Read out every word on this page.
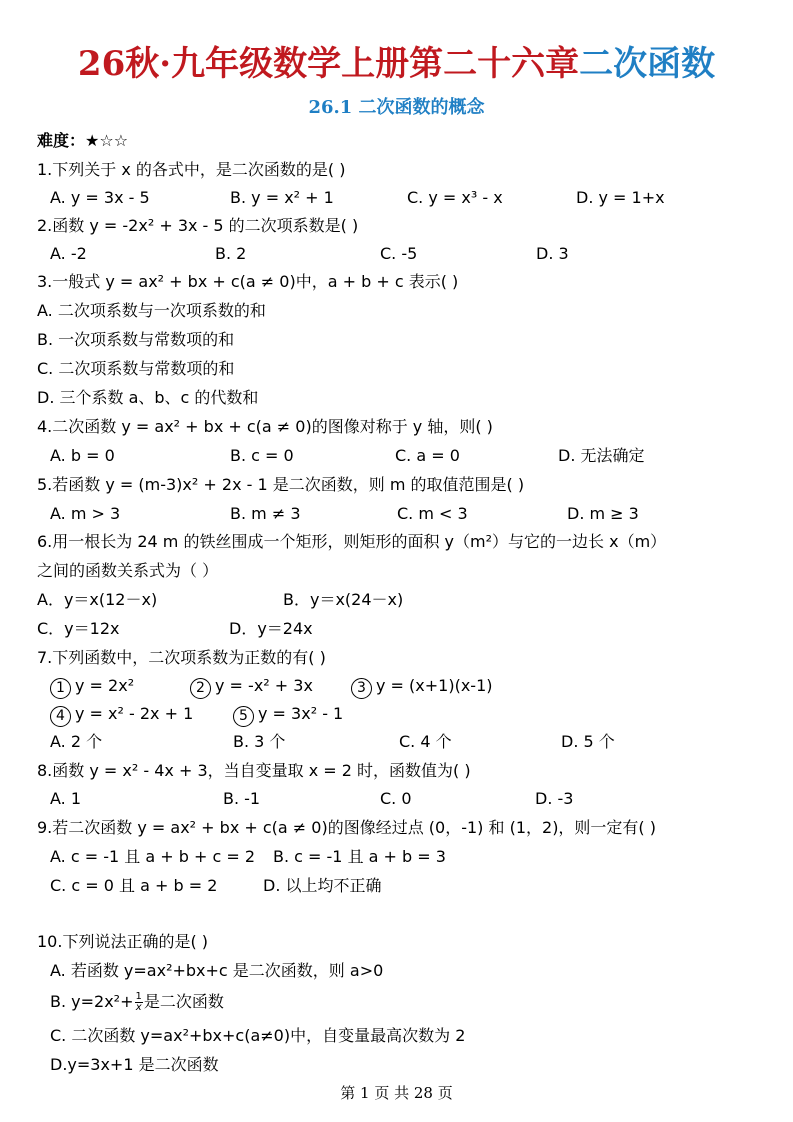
26秋·九年级数学上册第二十六章二次函数
26.1 二次函数的概念
难度：★☆☆
1.下列关于 x 的各式中，是二次函数的是( )
A. y = 3x - 5	B. y = x² + 1	C. y = x³ - x	D. y = 1+x
2.函数 y = -2x² + 3x - 5 的二次项系数是( )
A. -2	B. 2	C. -5	D. 3
3.一般式 y = ax² + bx + c(a ≠ 0)中，a + b + c 表示( )
A. 二次项系数与一次项系数的和
B. 一次项系数与常数项的和
C. 二次项系数与常数项的和
D. 三个系数 a、b、c 的代数和
4.二次函数 y = ax² + bx + c(a ≠ 0)的图像对称于 y 轴，则( )
A. b = 0	B. c = 0	C. a = 0	D. 无法确定
5.若函数 y = (m-3)x² + 2x - 1 是二次函数，则 m 的取值范围是( )
A. m > 3	B. m ≠ 3	C. m < 3	D. m ≥ 3
6.用一根长为 24 m 的铁丝围成一个矩形，则矩形的面积 y（m²）与它的一边长 x（m）
之间的函数关系式为（ ）
A．y＝x(12－x)	B．y＝x(24－x)
C．y＝12x	D．y＝24x
7.下列函数中，二次项系数为正数的有( )
1 y = 2x²	2 y = -x² + 3x	3 y = (x+1)(x-1)
4 y = x² - 2x + 1	5 y = 3x² - 1
A. 2 个	B. 3 个	C. 4 个	D. 5 个
8.函数 y = x² - 4x + 3，当自变量取 x = 2 时，函数值为( )
A. 1	B. -1	C. 0	D. -3
9.若二次函数 y = ax² + bx + c(a ≠ 0)的图像经过点 (0，-1) 和 (1，2)，则一定有( )
A. c = -1 且 a + b + c = 2 B. c = -1 且 a + b = 3
C. c = 0 且 a + b = 2	D. 以上均不正确
10.下列说法正确的是( )
A. 若函数 y=ax²+bx+c 是二次函数，则 a>0
B. $y=2x^2+ \frac{1}{x}$ 是二次函数
C. 二次函数 y=ax²+bx+c(a≠0)中，自变量最高次数为 2
D.y=3x+1 是二次函数
第 1 页 共 28 页
